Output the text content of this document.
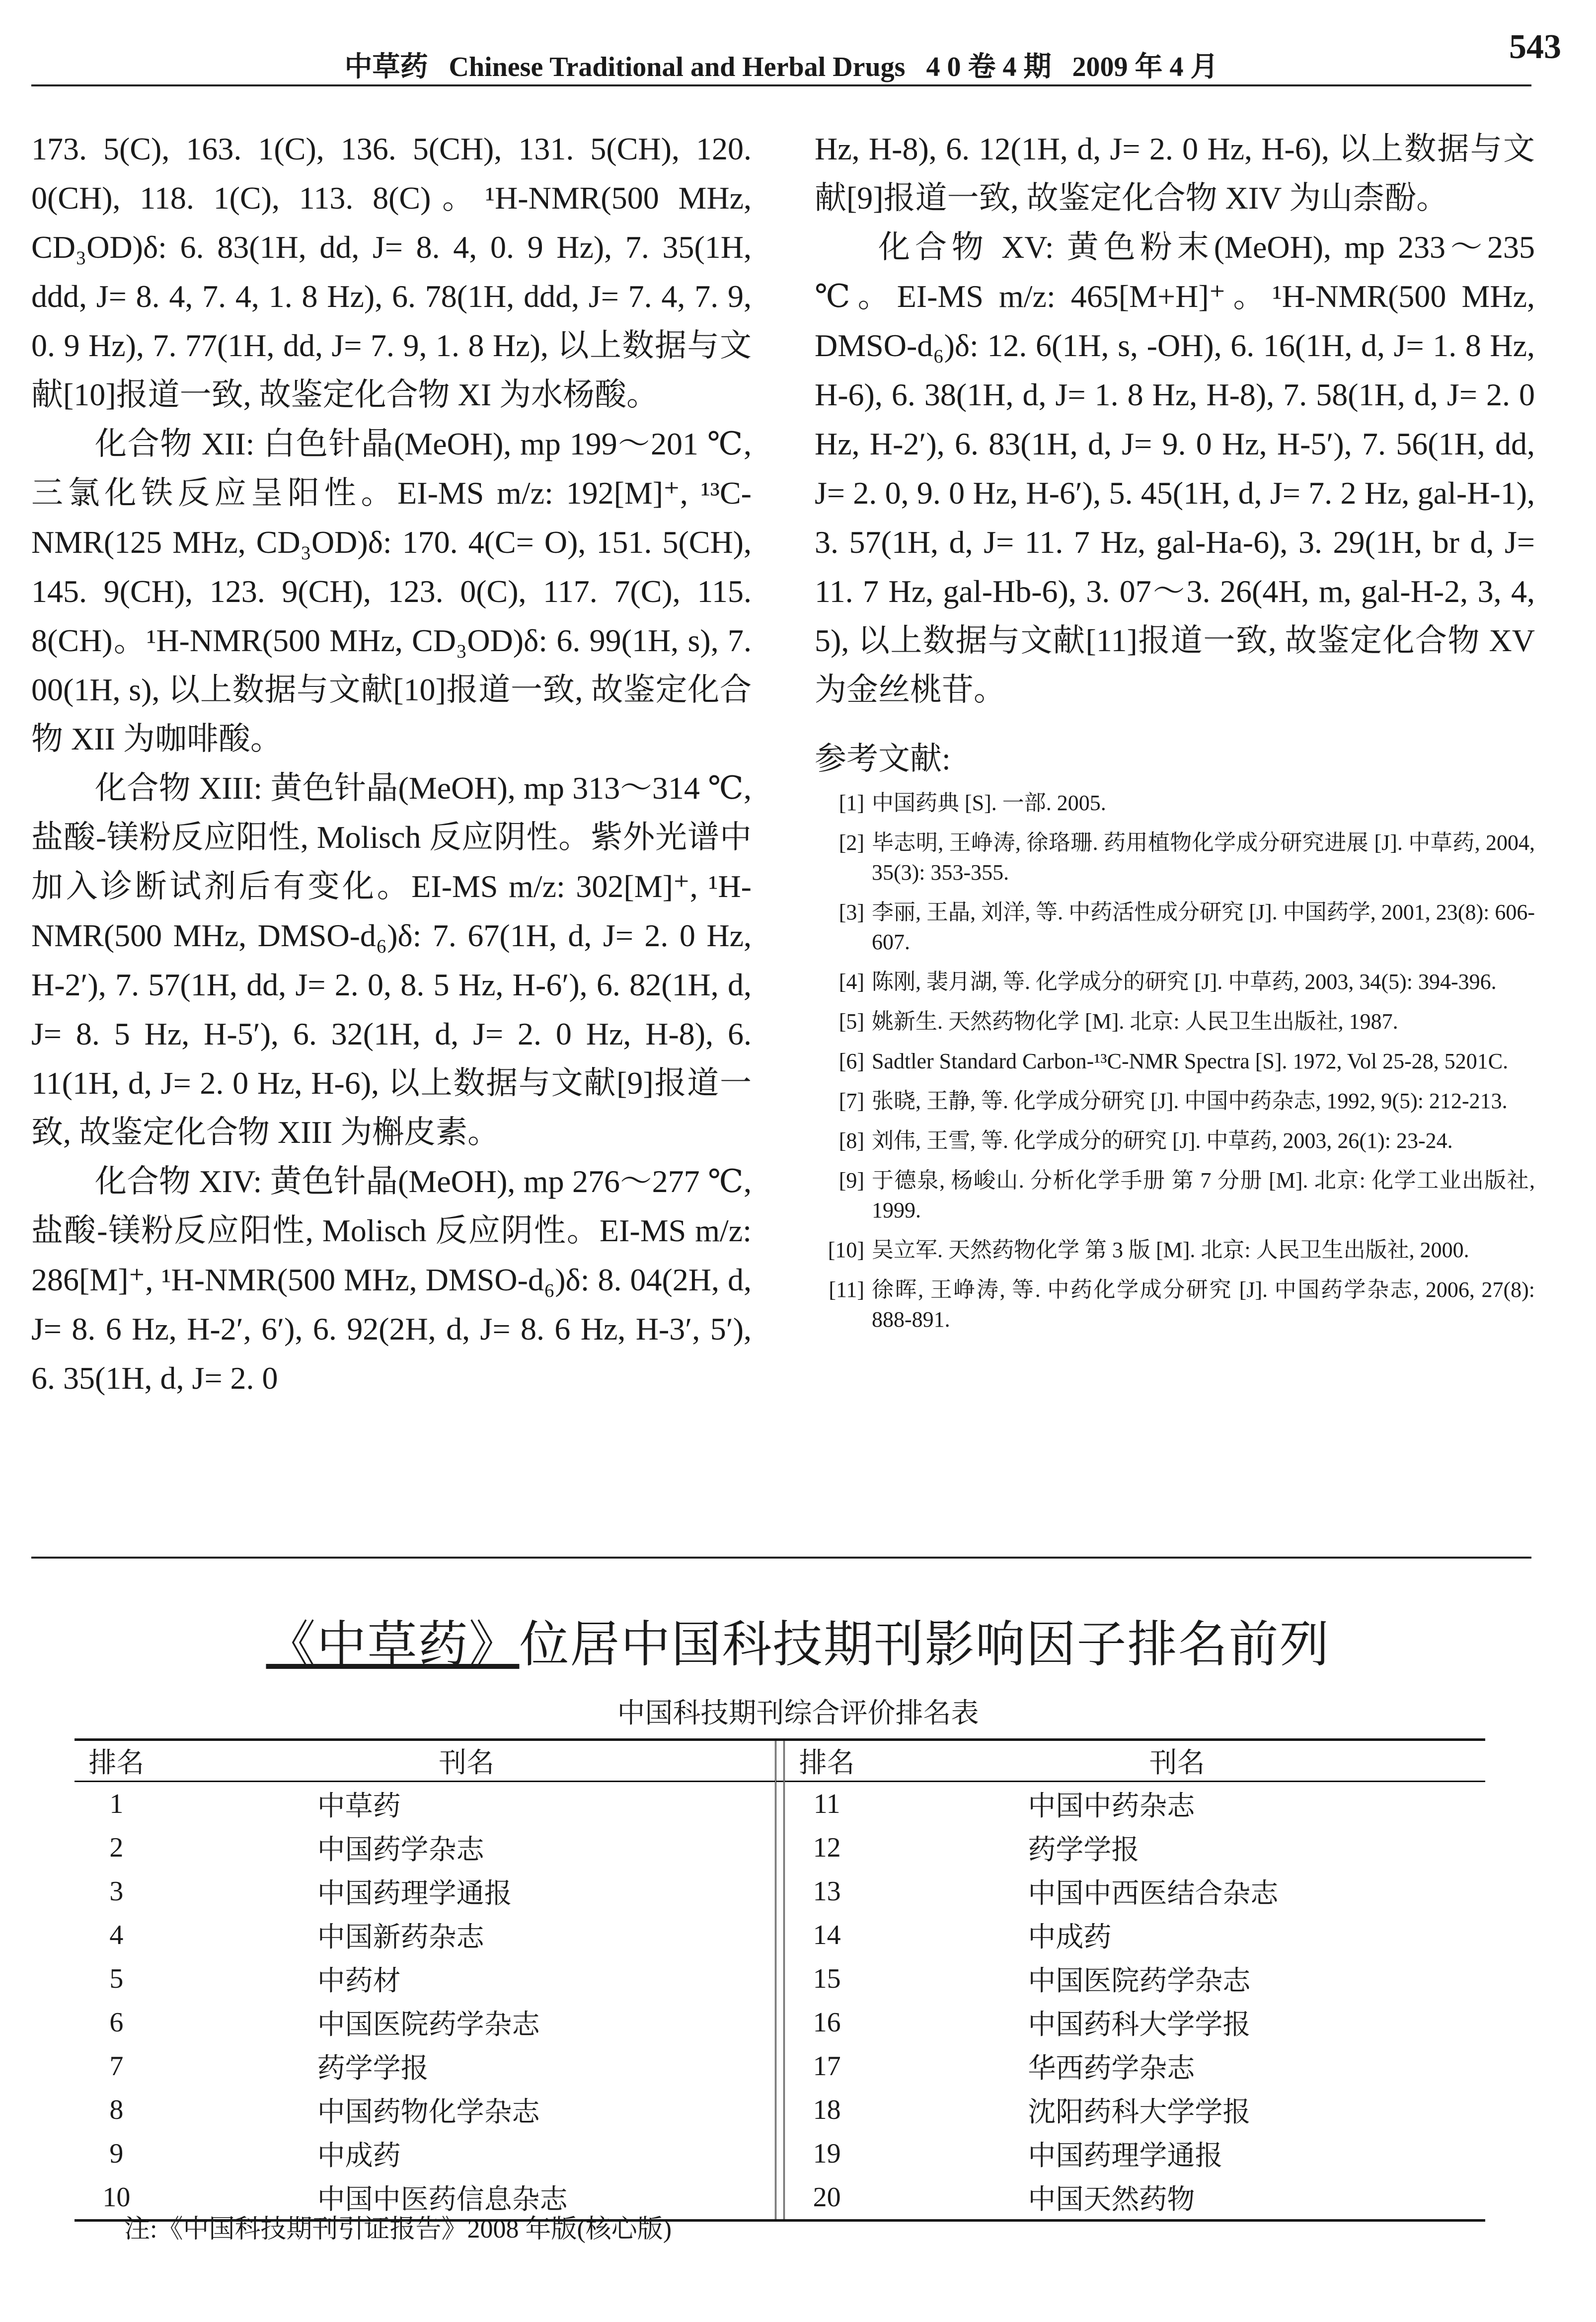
中草药 Chinese Traditional and Herbal Drugs 4 0 卷 4 期 2009 年 4 月
543

173. 5(C), 163. 1(C), 136. 5(CH), 131. 5(CH), 120. 0(CH), 118. 1(C), 113. 8(C)。¹H-NMR(500 MHz, CD₃OD)δ: 6. 83(1H, dd, J= 8. 4, 0. 9 Hz), 7. 35(1H, ddd, J= 8. 4, 7. 4, 1. 8 Hz), 6. 78(1H, ddd, J= 7. 4, 7. 9, 0. 9 Hz), 7. 77(1H, dd, J= 7. 9, 1. 8 Hz), 以上数据与文献[10]报道一致, 故鉴定化合物 XI 为水杨酸。

化合物 XII: 白色针晶(MeOH), mp 199～201 ℃, 三氯化铁反应呈阳性。EI-MS m/z: 192[M]⁺, ¹³C-NMR(125 MHz, CD₃OD)δ: 170. 4(C= O), 151. 5(CH), 145. 9(CH), 123. 9(CH), 123. 0(C), 117. 7(C), 115. 8(CH)。¹H-NMR(500 MHz, CD₃OD)δ: 6. 99(1H, s), 7. 00(1H, s), 以上数据与文献[10]报道一致, 故鉴定化合物 XII 为咖啡酸。

化合物 XIII: 黄色针晶(MeOH), mp 313～314 ℃, 盐酸-镁粉反应阳性, Molisch 反应阴性。紫外光谱中加入诊断试剂后有变化。EI-MS m/z: 302[M]⁺, ¹H-NMR(500 MHz, DMSO-d₆)δ: 7. 67(1H, d, J= 2. 0 Hz, H-2′), 7. 57(1H, dd, J= 2. 0, 8. 5 Hz, H-6′), 6. 82(1H, d, J= 8. 5 Hz, H-5′), 6. 32(1H, d, J= 2. 0 Hz, H-8), 6. 11(1H, d, J= 2. 0 Hz, H-6), 以上数据与文献[9]报道一致, 故鉴定化合物 XIII 为槲皮素。

化合物 XIV: 黄色针晶(MeOH), mp 276～277 ℃, 盐酸-镁粉反应阳性, Molisch 反应阴性。EI-MS m/z: 286[M]⁺, ¹H-NMR(500 MHz, DMSO-d₆)δ: 8. 04(2H, d, J= 8. 6 Hz, H-2′, 6′), 6. 92(2H, d, J= 8. 6 Hz, H-3′, 5′), 6. 35(1H, d, J= 2. 0

Hz, H-8), 6. 12(1H, d, J= 2. 0 Hz, H-6), 以上数据与文献[9]报道一致, 故鉴定化合物 XIV 为山柰酚。

化合物 XV: 黄色粉末(MeOH), mp 233～235 ℃。EI-MS m/z: 465[M+H]⁺。¹H-NMR(500 MHz, DMSO-d₆)δ: 12. 6(1H, s, -OH), 6. 16(1H, d, J= 1. 8 Hz, H-6), 6. 38(1H, d, J= 1. 8 Hz, H-8), 7. 58(1H, d, J= 2. 0 Hz, H-2′), 6. 83(1H, d, J= 9. 0 Hz, H-5′), 7. 56(1H, dd, J= 2. 0, 9. 0 Hz, H-6′), 5. 45(1H, d, J= 7. 2 Hz, gal-H-1), 3. 57(1H, d, J= 11. 7 Hz, gal-Ha-6), 3. 29(1H, br d, J= 11. 7 Hz, gal-Hb-6), 3. 07～3. 26(4H, m, gal-H-2, 3, 4, 5), 以上数据与文献[11]报道一致, 故鉴定化合物 XV 为金丝桃苷。

参考文献:
[1] 中国药典 [S]. 一部. 2005.
[2] 毕志明, 王峥涛, 徐珞珊. 药用植物化学成分研究进展 [J]. 中草药, 2004, 35(3): 353-355.
[3] 李丽, 王晶, 刘洋, 等. 中药活性成分研究 [J]. 中国药学, 2001, 23(8): 606-607.
[4] 陈刚, 裴月湖, 等. 化学成分的研究 [J]. 中草药, 2003, 34(5): 394-396.
[5] 姚新生. 天然药物化学 [M]. 北京: 人民卫生出版社, 1987.
[6] Sadtler Standard Carbon-¹³C-NMR Spectra [S]. 1972, Vol 25-28, 5201C.
[7] 张晓, 王静, 等. 化学成分研究 [J]. 中国中药杂志, 1992, 9(5): 212-213.
[8] 刘伟, 王雪, 等. 化学成分的研究 [J]. 中草药, 2003, 26(1): 23-24.
[9] 于德泉, 杨峻山. 分析化学手册 第 7 分册 [M]. 北京: 化学工业出版社, 1999.
[10] 吴立军. 天然药物化学 第 3 版 [M]. 北京: 人民卫生出版社, 2000.
[11] 徐晖, 王峥涛, 等. 中药化学成分研究 [J]. 中国药学杂志, 2006, 27(8): 888-891.
《中草药》位居中国科技期刊影响因子排名前列
中国科技期刊综合评价排名表
排名	刊名		排名	刊名
1	中草药		11	中国中药杂志
2	中国药学杂志		12	药学学报
3	中国药理学通报		13	中国中西医结合杂志
4	中国新药杂志		14	中成药
5	中药材		15	中国医院药学杂志
6	中国医院药学杂志		16	中国药科大学学报
7	药学学报		17	华西药学杂志
8	中国药物化学杂志		18	沈阳药科大学学报
9	中成药		19	中国药理学通报
10	中国中医药信息杂志		20	中国天然药物
注:《中国科技期刊引证报告》2008 年版(核心版)
